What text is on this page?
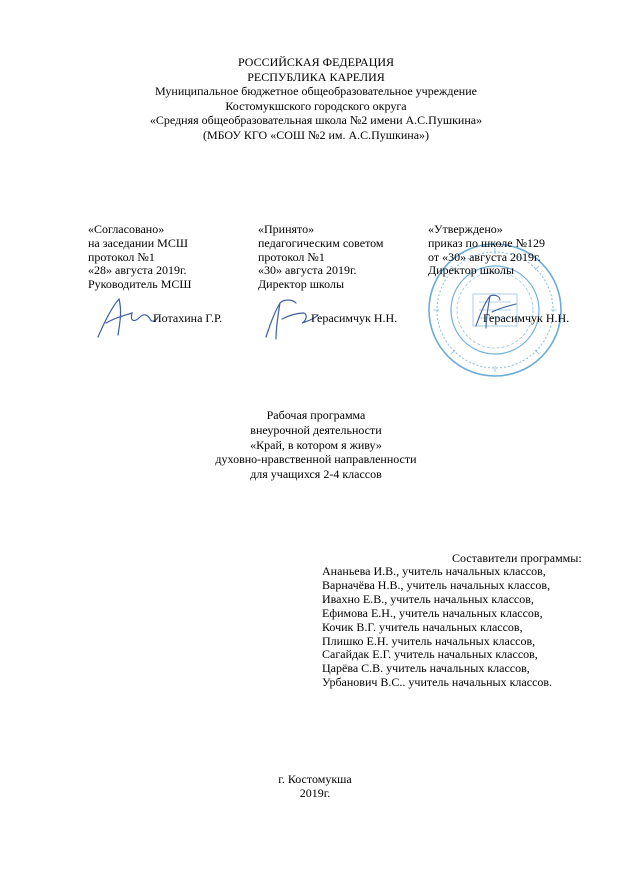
РОССИЙСКАЯ ФЕДЕРАЦИЯ
РЕСПУБЛИКА КАРЕЛИЯ
Муниципальное бюджетное общеобразовательное учреждение
Костомукшского городского округа
«Средняя общеобразовательная школа №2 имени А.С.Пушкина»
(МБОУ КГО «СОШ №2 им. А.С.Пушкина»)
«Согласовано»
на заседании МСШ
протокол №1
«28» августа 2019г.
Руководитель МСШ
Потахина Г.Р.
«Принято»
педагогическим советом
протокол №1
«30» августа 2019г.
Директор школы
Герасимчук Н.Н.
«Утверждено»
приказ по школе №129
от «30» августа 2019г.
Директор школы
Герасимчук Н.Н.
Рабочая программа
внеурочной деятельности
«Край, в котором я живу»
духовно-нравственной направленности
для учащихся 2-4 классов
Составители программы:
Ананьева И.В., учитель начальных классов,
Варначёва Н.В., учитель начальных классов,
Ивахно Е.В., учитель начальных классов,
Ефимова Е.Н., учитель начальных классов,
Кочик В.Г. учитель начальных классов,
Плишко Е.Н. учитель начальных классов,
Сагайдак Е.Г. учитель начальных классов,
Царёва С.В. учитель начальных классов,
Урбанович В.С.. учитель начальных классов.
г. Костомукша
2019г.
